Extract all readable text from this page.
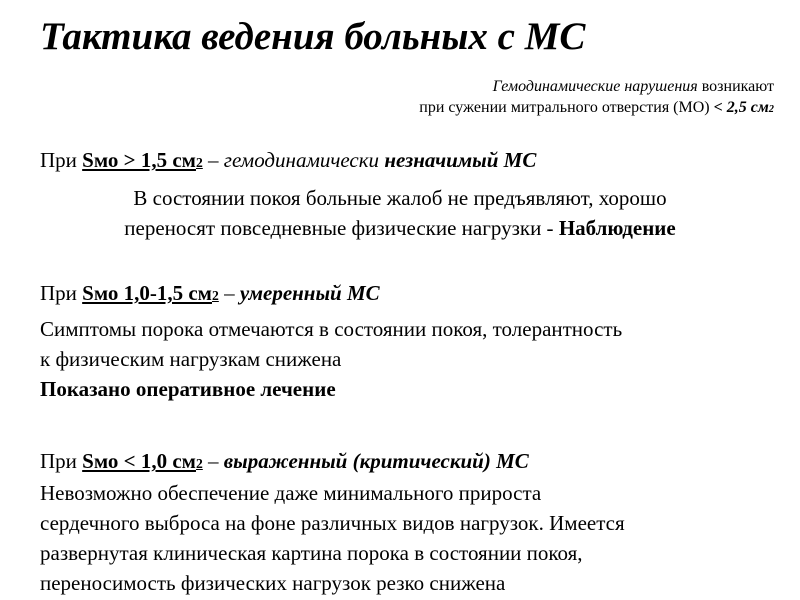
Тактика ведения больных с МС
Гемодинамические нарушения возникают
при сужении митрального отверстия (МО) < 2,5 см2
При Sмо > 1,5 см2 – гемодинамически незначимый МС
В состоянии покоя больные жалоб не предъявляют, хорошо
переносят повседневные физические нагрузки - Наблюдение
При Sмо 1,0-1,5 см2 – умеренный МС
Симптомы порока отмечаются в состоянии покоя, толерантность
к физическим нагрузкам снижена
Показано оперативное лечение
При Sмо < 1,0 см2 – выраженный (критический) МС
Невозможно обеспечение даже минимального прироста
сердечного выброса на фоне различных видов нагрузок. Имеется
развернутая клиническая картина порока в состоянии покоя,
переносимость физических нагрузок резко снижена
